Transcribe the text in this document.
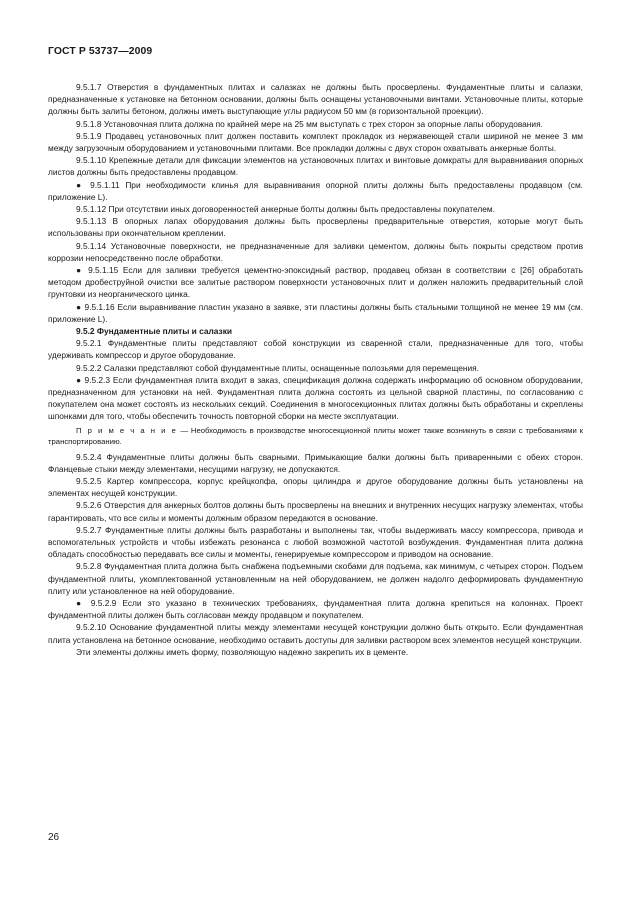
ГОСТ Р 53737—2009

9.5.1.7 Отверстия в фундаментных плитах и салазках не должны быть просверлены. Фундаментные плиты и салазки, предназначенные к установке на бетонном основании, должны быть оснащены установочными винтами. Установочные плиты, которые должны быть залиты бетоном, должны иметь выступающие углы радиусом 50 мм (в горизонтальной проекции).

9.5.1.8 Установочная плита должна по крайней мере на 25 мм выступать с трех сторон за опорные лапы оборудования.

9.5.1.9 Продавец установочных плит должен поставить комплект прокладок из нержавеющей стали шириной не менее 3 мм между загрузочным оборудованием и установочными плитами. Все прокладки должны с двух сторон охватывать анкерные болты.

9.5.1.10 Крепежные детали для фиксации элементов на установочных плитах и винтовые домкраты для выравнивания опорных листов должны быть предоставлены продавцом.

● 9.5.1.11 При необходимости клинья для выравнивания опорной плиты должны быть предоставлены продавцом (см. приложение L).

9.5.1.12 При отсутствии иных договоренностей анкерные болты должны быть предоставлены покупателем.

9.5.1.13 В опорных лапах оборудования должны быть просверлены предварительные отверстия, которые могут быть использованы при окончательном креплении.

9.5.1.14 Установочные поверхности, не предназначенные для заливки цементом, должны быть покрыты средством против коррозии непосредственно после обработки.

● 9.5.1.15 Если для заливки требуется цементно-эпоксидный раствор, продавец обязан в соответствии с [26] обработать методом дробеструйной очистки все залитые раствором поверхности установочных плит и должен наложить предварительный слой грунтовки из неорганического цинка.

● 9.5.1.16 Если выравнивание пластин указано в заявке, эти пластины должны быть стальными толщиной не менее 19 мм (см. приложение L).

9.5.2 Фундаментные плиты и салазки

9.5.2.1 Фундаментные плиты представляют собой конструкции из сваренной стали, предназначенные для того, чтобы удерживать компрессор и другое оборудование.

9.5.2.2 Салазки представляют собой фундаментные плиты, оснащенные полозьями для перемещения.

● 9.5.2.3 Если фундаментная плита входит в заказ, спецификация должна содержать информацию об основном оборудовании, предназначенном для установки на ней. Фундаментная плита должна состоять из цельной сварной пластины, по согласованию с покупателем она может состоять из нескольких секций. Соединения в многосекционных плитах должны быть обработаны и скреплены шпонками для того, чтобы обеспечить точность повторной сборки на месте эксплуатации.

П р и м е ч а н и е — Необходимость в производстве многосекционной плиты может также возникнуть в связи с требованиями к транспортированию.

9.5.2.4 Фундаментные плиты должны быть сварными. Примыкающие балки должны быть приваренными с обеих сторон. Фланцевые стыки между элементами, несущими нагрузку, не допускаются.

9.5.2.5 Картер компрессора, корпус крейцкопфа, опоры цилиндра и другое оборудование должны быть установлены на элементах несущей конструкции.

9.5.2.6 Отверстия для анкерных болтов должны быть просверлены на внешних и внутренних несущих нагрузку элементах, чтобы гарантировать, что все силы и моменты должным образом передаются в основание.

9.5.2.7 Фундаментные плиты должны быть разработаны и выполнены так, чтобы выдерживать массу компрессора, привода и вспомогательных устройств и чтобы избежать резонанса с любой возможной частотой возбуждения. Фундаментная плита должна обладать способностью передавать все силы и моменты, генерируемые компрессором и приводом на основание.

9.5.2.8 Фундаментная плита должна быть снабжена подъемными скобами для подъема, как минимум, с четырех сторон. Подъем фундаментной плиты, укомплектованной установленным на ней оборудованием, не должен надолго деформировать фундаментную плиту или установленное на ней оборудование.

● 9.5.2.9 Если это указано в технических требованиях, фундаментная плита должна крепиться на колоннах. Проект фундаментной плиты должен быть согласован между продавцом и покупателем.

9.5.2.10 Основание фундаментной плиты между элементами несущей конструкции должно быть открыто. Если фундаментная плита установлена на бетонное основание, необходимо оставить доступы для заливки раствором всех элементов несущей конструкции.

Эти элементы должны иметь форму, позволяющую надежно закрепить их в цементе.

26
